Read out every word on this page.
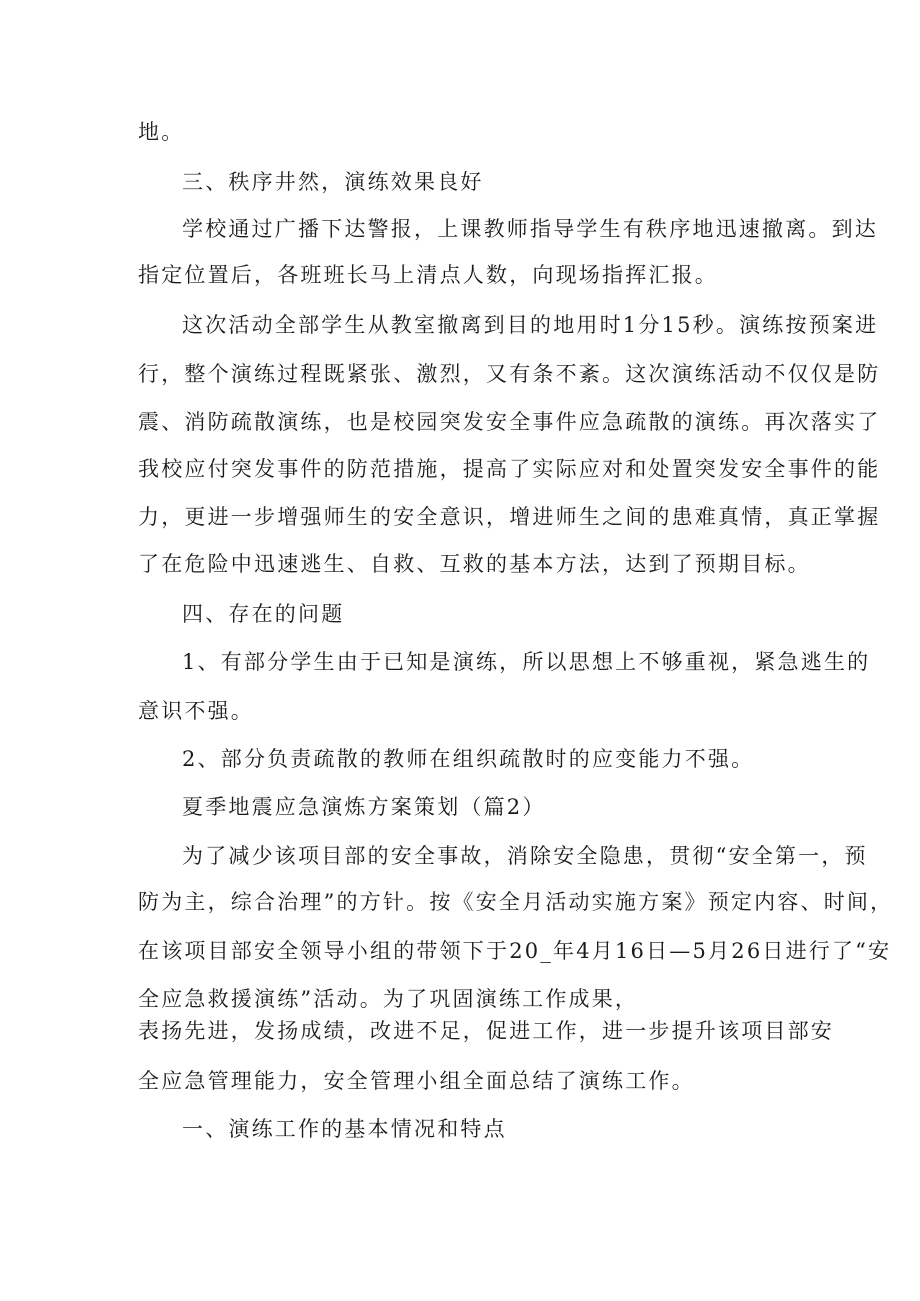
地。
三、秩序井然，演练效果良好
学校通过广播下达警报，上课教师指导学生有秩序地迅速撤离。到达
指定位置后，各班班长马上清点人数，向现场指挥汇报。
这次活动全部学生从教室撤离到目的地用时1分15秒。演练按预案进
行，整个演练过程既紧张、激烈，又有条不紊。这次演练活动不仅仅是防
震、消防疏散演练，也是校园突发安全事件应急疏散的演练。再次落实了
我校应付突发事件的防范措施，提高了实际应对和处置突发安全事件的能
力，更进一步增强师生的安全意识，增进师生之间的患难真情，真正掌握
了在危险中迅速逃生、自救、互救的基本方法，达到了预期目标。
四、存在的问题
1、有部分学生由于已知是演练，所以思想上不够重视，紧急逃生的
意识不强。
2、部分负责疏散的教师在组织疏散时的应变能力不强。
夏季地震应急演炼方案策划（篇2）
为了减少该项目部的安全事故，消除安全隐患，贯彻“安全第一，预
防为主，综合治理”的方针。按《安全月活动实施方案》预定内容、时间，
在该项目部安全领导小组的带领下于20_年4月16日—5月26日进行了“安
全应急救援演练”活动。为了巩固演练工作成果，
表扬先进，发扬成绩，改进不足，促进工作，进一步提升该项目部安
全应急管理能力，安全管理小组全面总结了演练工作。
一、演练工作的基本情况和特点
